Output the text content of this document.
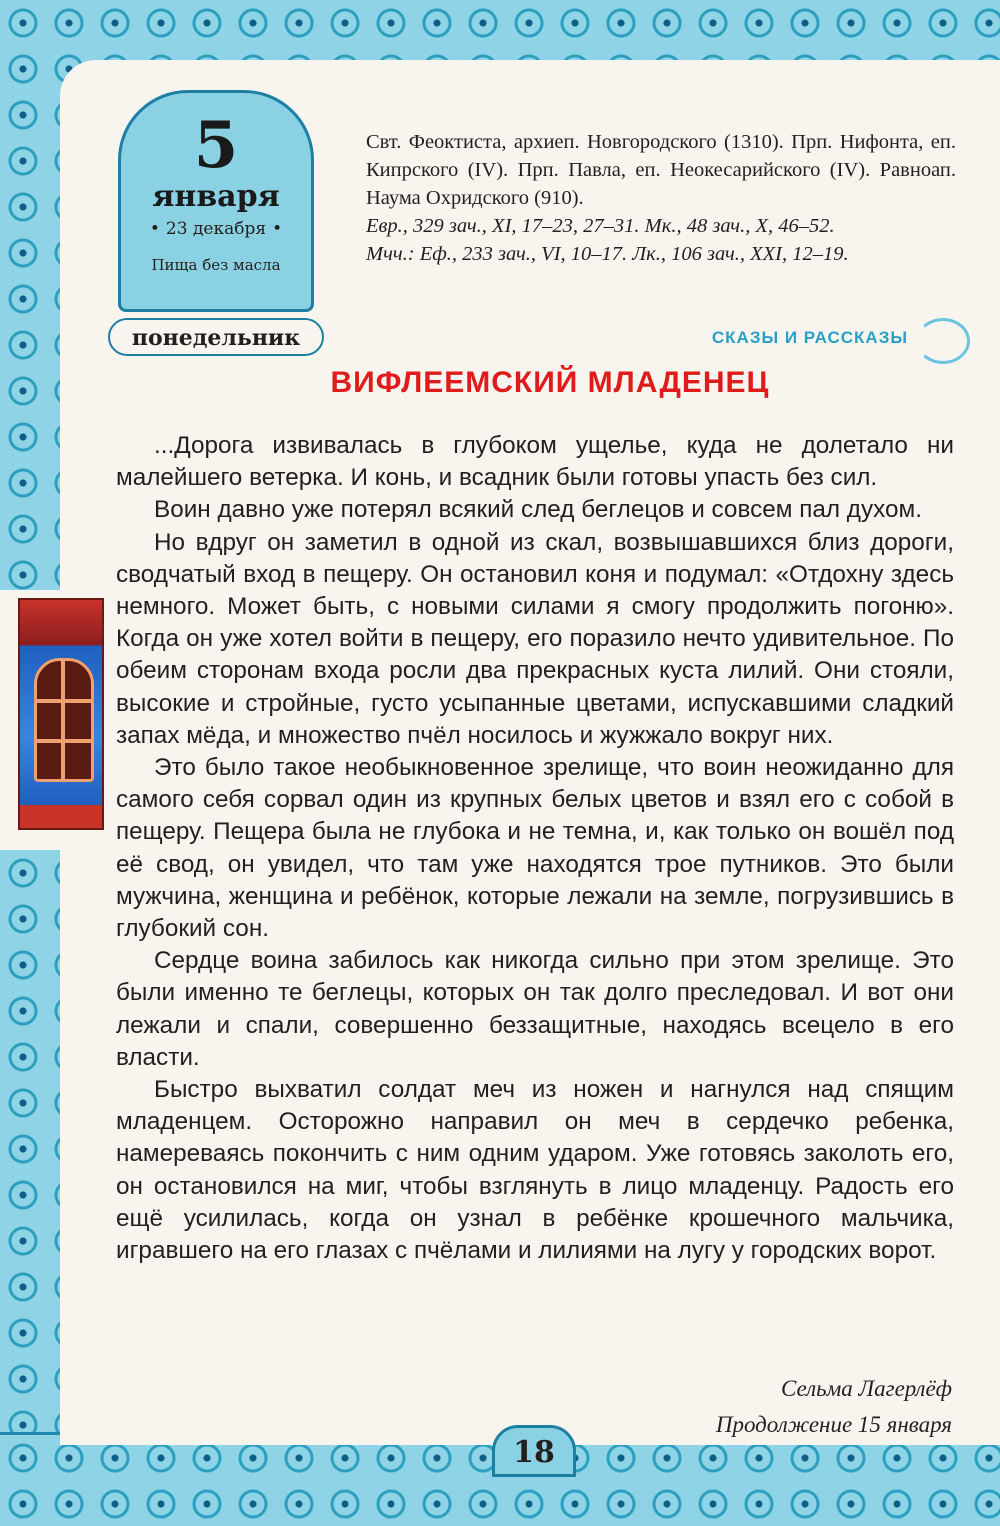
5
января
• 23 декабря •
Пища без масла
понедельник
Свт. Феоктиста, архиеп. Новгородского (1310). Прп. Нифонта, еп. Кипрского (IV). Прп. Павла, еп. Неокесарийского (IV). Равноап. Наума Охридского (910).
Евр., 329 зач., XI, 17–23, 27–31. Мк., 48 зач., X, 46–52.
Мчч.: Еф., 233 зач., VI, 10–17. Лк., 106 зач., XXI, 12–19.
СКАЗЫ И РАССКАЗЫ
ВИФЛЕЕМСКИЙ МЛАДЕНЕЦ

...Дорога извивалась в глубоком ущелье, куда не долетало ни малейшего ветерка. И конь, и всадник были готовы упасть без сил.

Воин давно уже потерял всякий след беглецов и совсем пал духом.

Но вдруг он заметил в одной из скал, возвышавшихся близ дороги, сводчатый вход в пещеру. Он остановил коня и подумал: «Отдохну здесь немного. Может быть, с новыми силами я смогу продолжить погоню». Когда он уже хотел войти в пещеру, его поразило нечто удивительное. По обеим сторонам входа росли два прекрасных куста лилий. Они стояли, высокие и стройные, густо усыпанные цветами, испускавшими сладкий запах мёда, и множество пчёл носилось и жужжало вокруг них.

Это было такое необыкновенное зрелище, что воин неожиданно для самого себя сорвал один из крупных белых цветов и взял его с собой в пещеру. Пещера была не глубока и не темна, и, как только он вошёл под её свод, он увидел, что там уже находятся трое путников. Это были мужчина, женщина и ребёнок, которые лежали на земле, погрузившись в глубокий сон.

Сердце воина забилось как никогда сильно при этом зрелище. Это были именно те беглецы, которых он так долго преследовал. И вот они лежали и спали, совершенно беззащитные, находясь всецело в его власти.

Быстро выхватил солдат меч из ножен и нагнулся над спящим младенцем. Осторожно направил он меч в сердечко ребенка, намереваясь покончить с ним одним ударом. Уже готовясь заколоть его, он остановился на миг, чтобы взглянуть в лицо младенцу. Радость его ещё усилилась, когда он узнал в ребёнке крошечного мальчика, игравшего на его глазах с пчёлами и лилиями на лугу у городских ворот.

Сельма Лагерлёф
Продолжение 15 января
18
